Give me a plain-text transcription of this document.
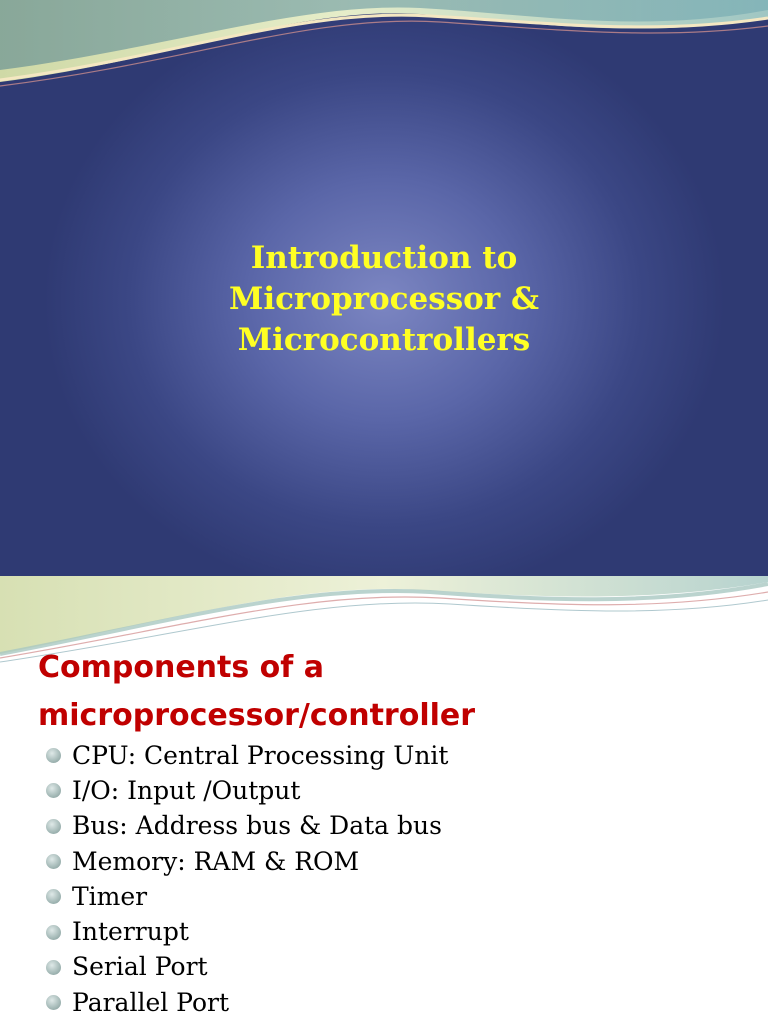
Introduction to
Microprocessor &
Microcontrollers
Components of a
microprocessor/controller
CPU: Central Processing Unit
I/O: Input /Output
Bus: Address bus & Data bus
Memory: RAM & ROM
Timer
Interrupt
Serial Port
Parallel Port
